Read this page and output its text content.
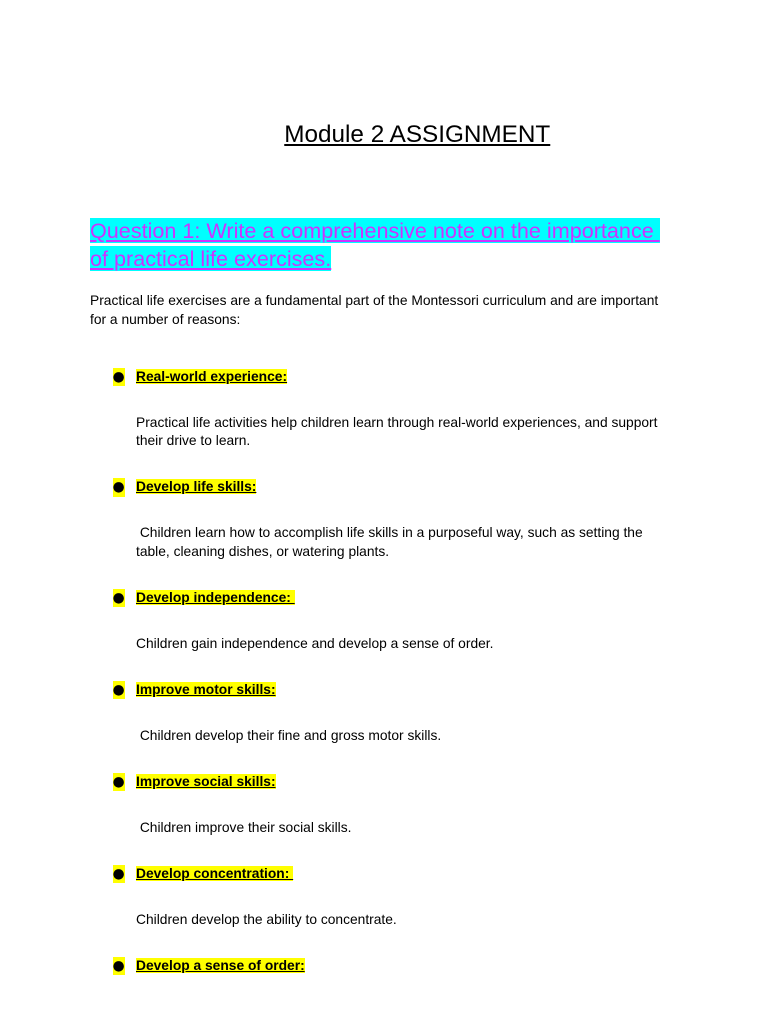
Module 2 ASSIGNMENT

Question 1: Write a comprehensive note on the importance
of practical life exercises.
Practical life exercises are a fundamental part of the Montessori curriculum and are important
for a number of reasons:
● Real-world experience:
Practical life activities help children learn through real-world experiences, and support
their drive to learn.
● Develop life skills:
Children learn how to accomplish life skills in a purposeful way, such as setting the
table, cleaning dishes, or watering plants.
● Develop independence:
Children gain independence and develop a sense of order.
● Improve motor skills:
Children develop their fine and gross motor skills.
● Improve social skills:
Children improve their social skills.
● Develop concentration:
Children develop the ability to concentrate.
● Develop a sense of order:
